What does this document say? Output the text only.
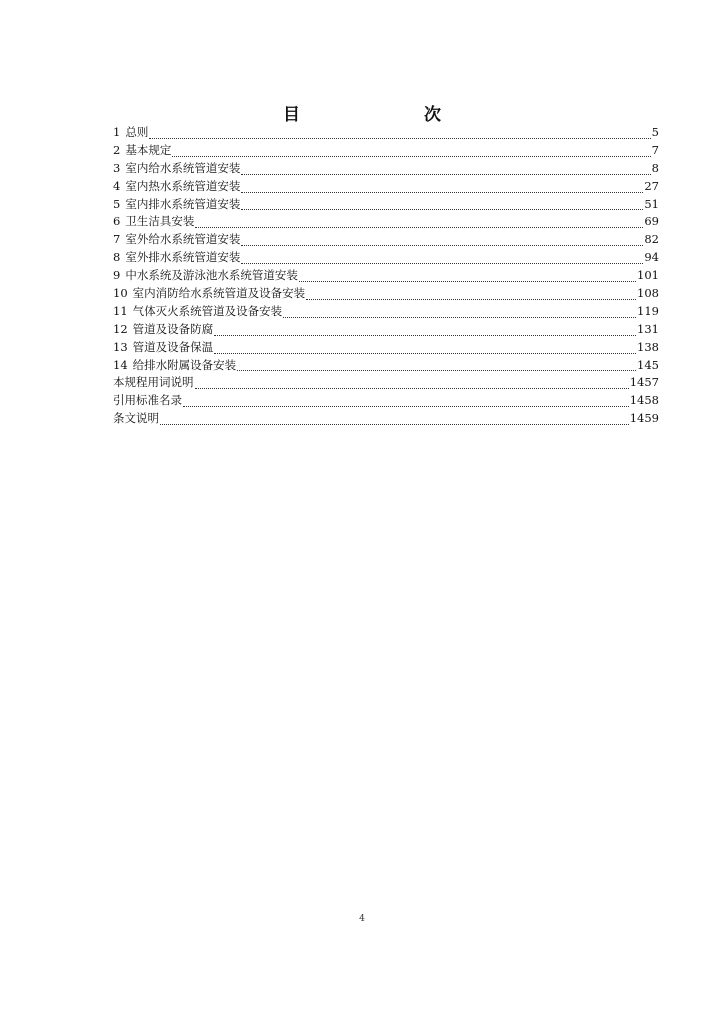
目　　次
1 总则	5
2 基本规定	7
3 室内给水系统管道安装	8
4 室内热水系统管道安装	27
5 室内排水系统管道安装	51
6 卫生洁具安装	69
7 室外给水系统管道安装	82
8 室外排水系统管道安装	94
9 中水系统及游泳池水系统管道安装	101
10 室内消防给水系统管道及设备安装	108
11 气体灭火系统管道及设备安装	119
12 管道及设备防腐	131
13 管道及设备保温	138
14 给排水附属设备安装	145
本规程用词说明	1457
引用标准名录	1458
条文说明	1459
4
